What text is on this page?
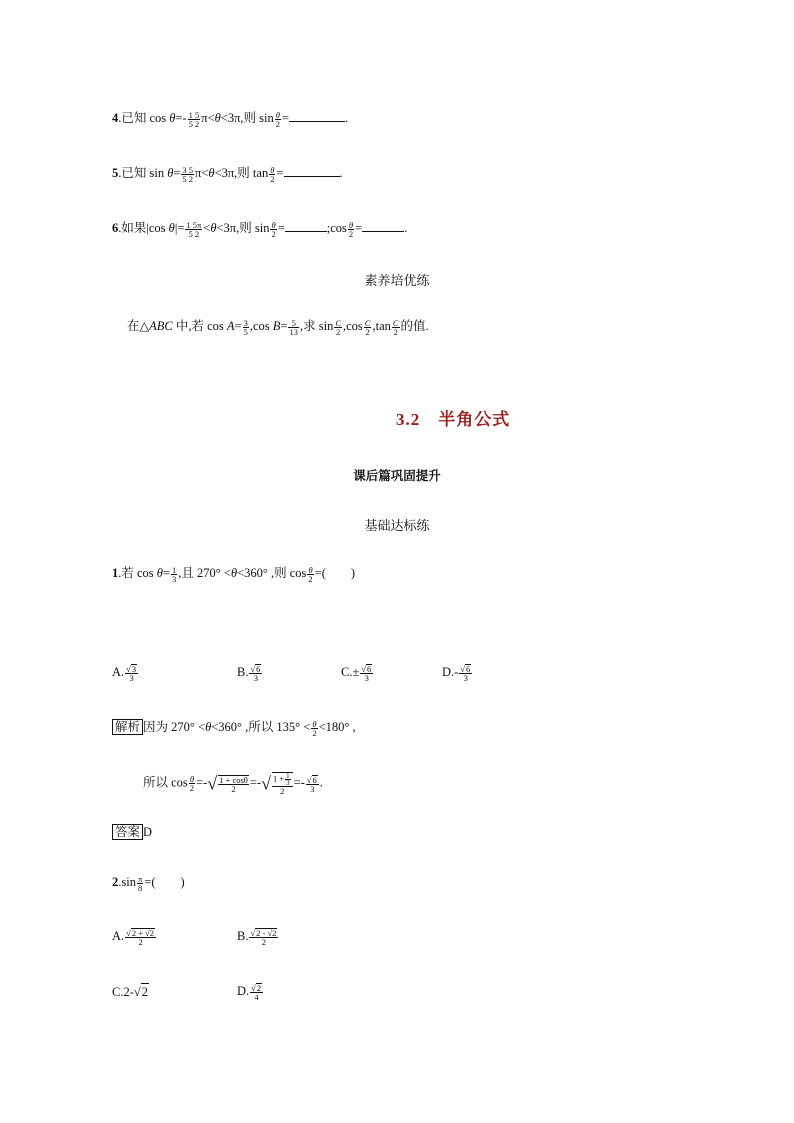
4.已知 $\cos \theta=- \frac{1 5}{5 2} \pi<\theta<3\pi$,则 $\sin \frac{\theta}{2}$ =	.
5.已知 $\sin \theta= \frac{3 5}{5 2} \pi<\theta<3\pi$,则 $\tan \frac{\theta}{2}$ =	.
6.如果|cos $\theta|= \frac{1 5\pi}{5 2} <\theta<3\pi$,则 $\sin \frac{\theta}{2}$ =	;cos $\frac{\theta}{2}$ =	.
素养培优练
在△ABC 中,若 $\cos A= \frac{3}{5} ,\cos$ $B= \frac{5}{13}$ ,求 $\sin \frac{C}{2} ,\cos \frac{C}{2} ,\tan \frac{C}{2}$ 的值.
3.2　半角公式
课后篇巩固提升
基础达标练
1.若 $\cos \theta= \frac{1}{3}$ ,且 270° <θ<360° ,则 $\cos \frac{\theta}{2}$ =(　　)
A. $\frac{√3}{3}$	B. $\frac{√6}{3}$	$C.\pm \frac{√6}{3}$	$D.- \frac{√6}{3}$
解析 因为 270° <θ<360° ,所以 $135^\circ < \frac{\theta}{2} <180^\circ$ ,
所以 $\cos \frac{\theta}{2}$ =-√ $\frac{1 + \cos\theta}{2}$ =-√ $\frac{1 + \frac{1}{3}}{2} =- \frac{√6}{3}$ .
答案 D
$2.\sin \frac{\pi}{8}$ =(　　)
A. $\frac{√2 + √2}{2}$	B. $\frac{√2 - √2}{2}$
C.2-√2	D. $\frac{√2}{4}$
